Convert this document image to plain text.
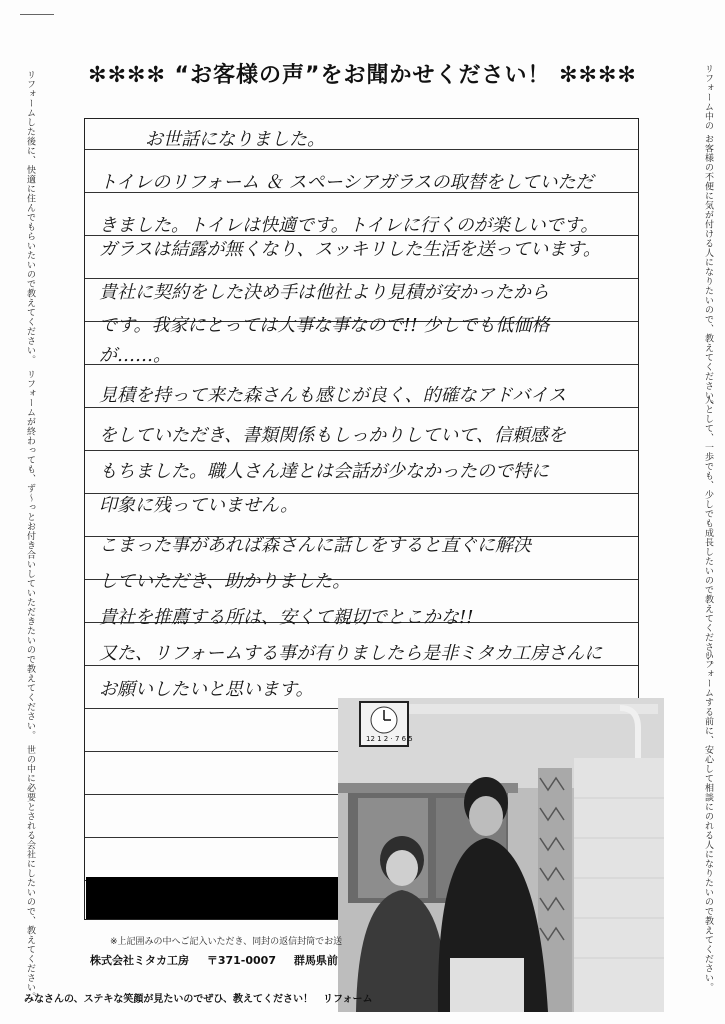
✻✻✻✻ “お客様の声”をお聞かせください！ ✻✻✻✻
リフォームした後に、快適に住んでもらいたいので教えてください。　リフォームが終わっても、ず〜っとお付き合いしていただきたいので教えてください。　世の中に必要とされる会社にしたいので、教えてください。	リフォーム中の お客様の不便に気が付ける人になりたいので、教えてください。
人として、一歩でも、少しでも成長したいので教えてください。
リフォームする前に、安心して相談にのれる人になりたいので教えてください。
お世話になりました。
トイレのリフォーム ＆ スペーシアガラスの取替をしていただ
きました。トイレは快適です。トイレに行くのが楽しいです。
ガラスは結露が無くなり、スッキリした生活を送っています。
貴社に契約をした決め手は他社より見積が安かったから
です。我家にとっては大事な事なので!! 少しでも低価格
が……。
見積を持って来た森さんも感じが良く、的確なアドバイス
をしていただき、書類関係もしっかりしていて、信頼感を
もちました。職人さん達とは会話が少なかったので特に
印象に残っていません。
こまった事があれば森さんに話しをすると直ぐに解決
していただき、助かりました。
貴社を推薦する所は、安くて親切でとこかな!!
又た、リフォームする事が有りましたら是非ミタカ工房さんに
お願いしたいと思います。
12 1 2 · 7 6 5
※上記囲みの中へご記入いただき、同封の返信封筒でお送
株式会社ミタカ工房 〒371-0007 群馬県前
みなさんの、ステキな笑顔が見たいのでぜひ、教えてください！　リフォーム
